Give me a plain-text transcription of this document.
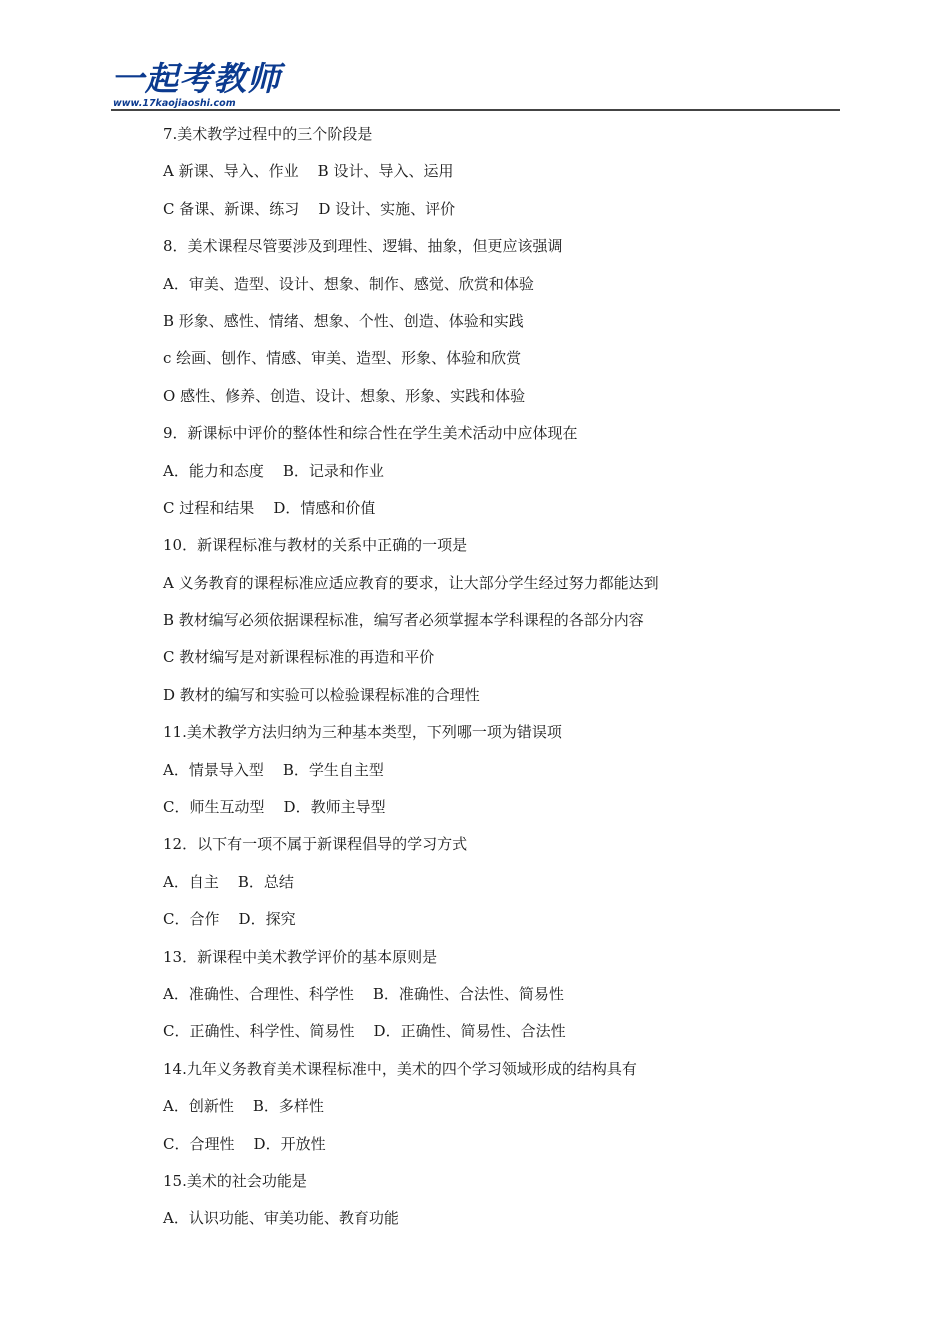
一起考教师
www.17kaojiaoshi.com
7.美术教学过程中的三个阶段是
A 新课、导入、作业    B 设计、导入、运用
C 备课、新课、练习    D 设计、实施、评价
8．美术课程尽管要涉及到理性、逻辑、抽象，但更应该强调
A．审美、造型、设计、想象、制作、感觉、欣赏和体验
B 形象、感性、情绪、想象、个性、创造、体验和实践
c 绘画、刨作、情感、审美、造型、形象、体验和欣赏
O 感性、修养、创造、设计、想象、形象、实践和体验
9．新课标中评价的整体性和综合性在学生美术活动中应体现在
A．能力和态度    B．记录和作业
C 过程和结果    D．情感和价值
10．新课程标准与教材的关系中正确的一项是
A 义务教育的课程标准应适应教育的要求，让大部分学生经过努力都能达到
B 教材编写必须依据课程标准，编写者必须掌握本学科课程的各部分内容
C 教材编写是对新课程标准的再造和平价
D 教材的编写和实验可以检验课程标准的合理性
11.美术教学方法归纳为三种基本类型，下列哪一项为错误项
A．情景导入型    B．学生自主型
C．师生互动型    D．教师主导型
12．以下有一项不属于新课程倡导的学习方式
A．自主    B．总结
C．合作    D．探究
13．新课程中美术教学评价的基本原则是
A．准确性、合理性、科学性    B．准确性、合法性、简易性
C．正确性、科学性、简易性    D．正确性、简易性、合法性
14.九年义务教育美术课程标准中，美术的四个学习领域形成的结构具有
A．创新性    B．多样性
C．合理性    D．开放性
15.美术的社会功能是
A．认识功能、审美功能、教育功能
